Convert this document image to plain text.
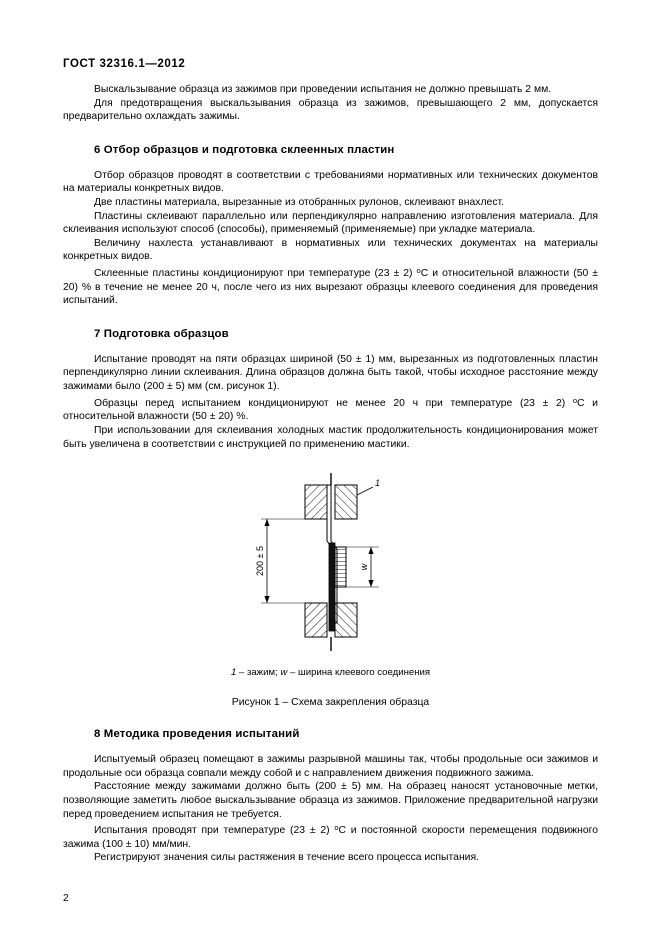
ГОСТ 32316.1—2012

Выскальзывание образца из зажимов при проведении испытания не должно превышать 2 мм.

Для предотвращения выскальзывания образца из зажимов, превышающего 2 мм, допускается предварительно охлаждать зажимы.

6 Отбор образцов и подготовка склеенных пластин

Отбор образцов проводят в соответствии с требованиями нормативных или технических документов на материалы конкретных видов.

Две пластины материала, вырезанные из отобранных рулонов, склеивают внахлест.

Пластины склеивают параллельно или перпендикулярно направлению изготовления материала. Для склеивания используют способ (способы), применяемый (применяемые) при укладке материала.

Величину нахлеста устанавливают в нормативных или технических документах на материалы конкретных видов.

Склеенные пластины кондиционируют при температуре (23 ± 2) $^o$С и относительной влажности (50 ± 20) % в течение не менее 20 ч, после чего из них вырезают образцы клеевого соединения для проведения испытаний.

7 Подготовка образцов

Испытание проводят на пяти образцах шириной (50 ± 1) мм, вырезанных из подготовленных пластин перпендикулярно линии склеивания. Длина образцов должна быть такой, чтобы исходное расстояние между зажимами было (200 ± 5) мм (см. рисунок 1).

Образцы перед испытанием кондиционируют не менее 20 ч при температуре (23 ± 2) $^o$С и относительной влажности (50 ± 20) %.

При использовании для склеивания холодных мастик продолжительность кондиционирования может быть увеличена в соответствии с инструкцией по применению мастики.

1
200 ± 5	w

1 – зажим; w – ширина клеевого соединения

Рисунок 1 – Схема закрепления образца

8 Методика проведения испытаний

Испытуемый образец помещают в зажимы разрывной машины так, чтобы продольные оси зажимов и продольные оси образца совпали между собой и с направлением движения подвижного зажима.

Расстояние между зажимами должно быть (200 ± 5) мм. На образец наносят установочные метки, позволяющие заметить любое выскальзывание образца из зажимов. Приложение предварительной нагрузки перед проведением испытания не требуется.

Испытания проводят при температуре (23 ± 2) $^o$С и постоянной скорости перемещения подвижного зажима (100 ± 10) мм/мин.

Регистрируют значения силы растяжения в течение всего процесса испытания.

2
